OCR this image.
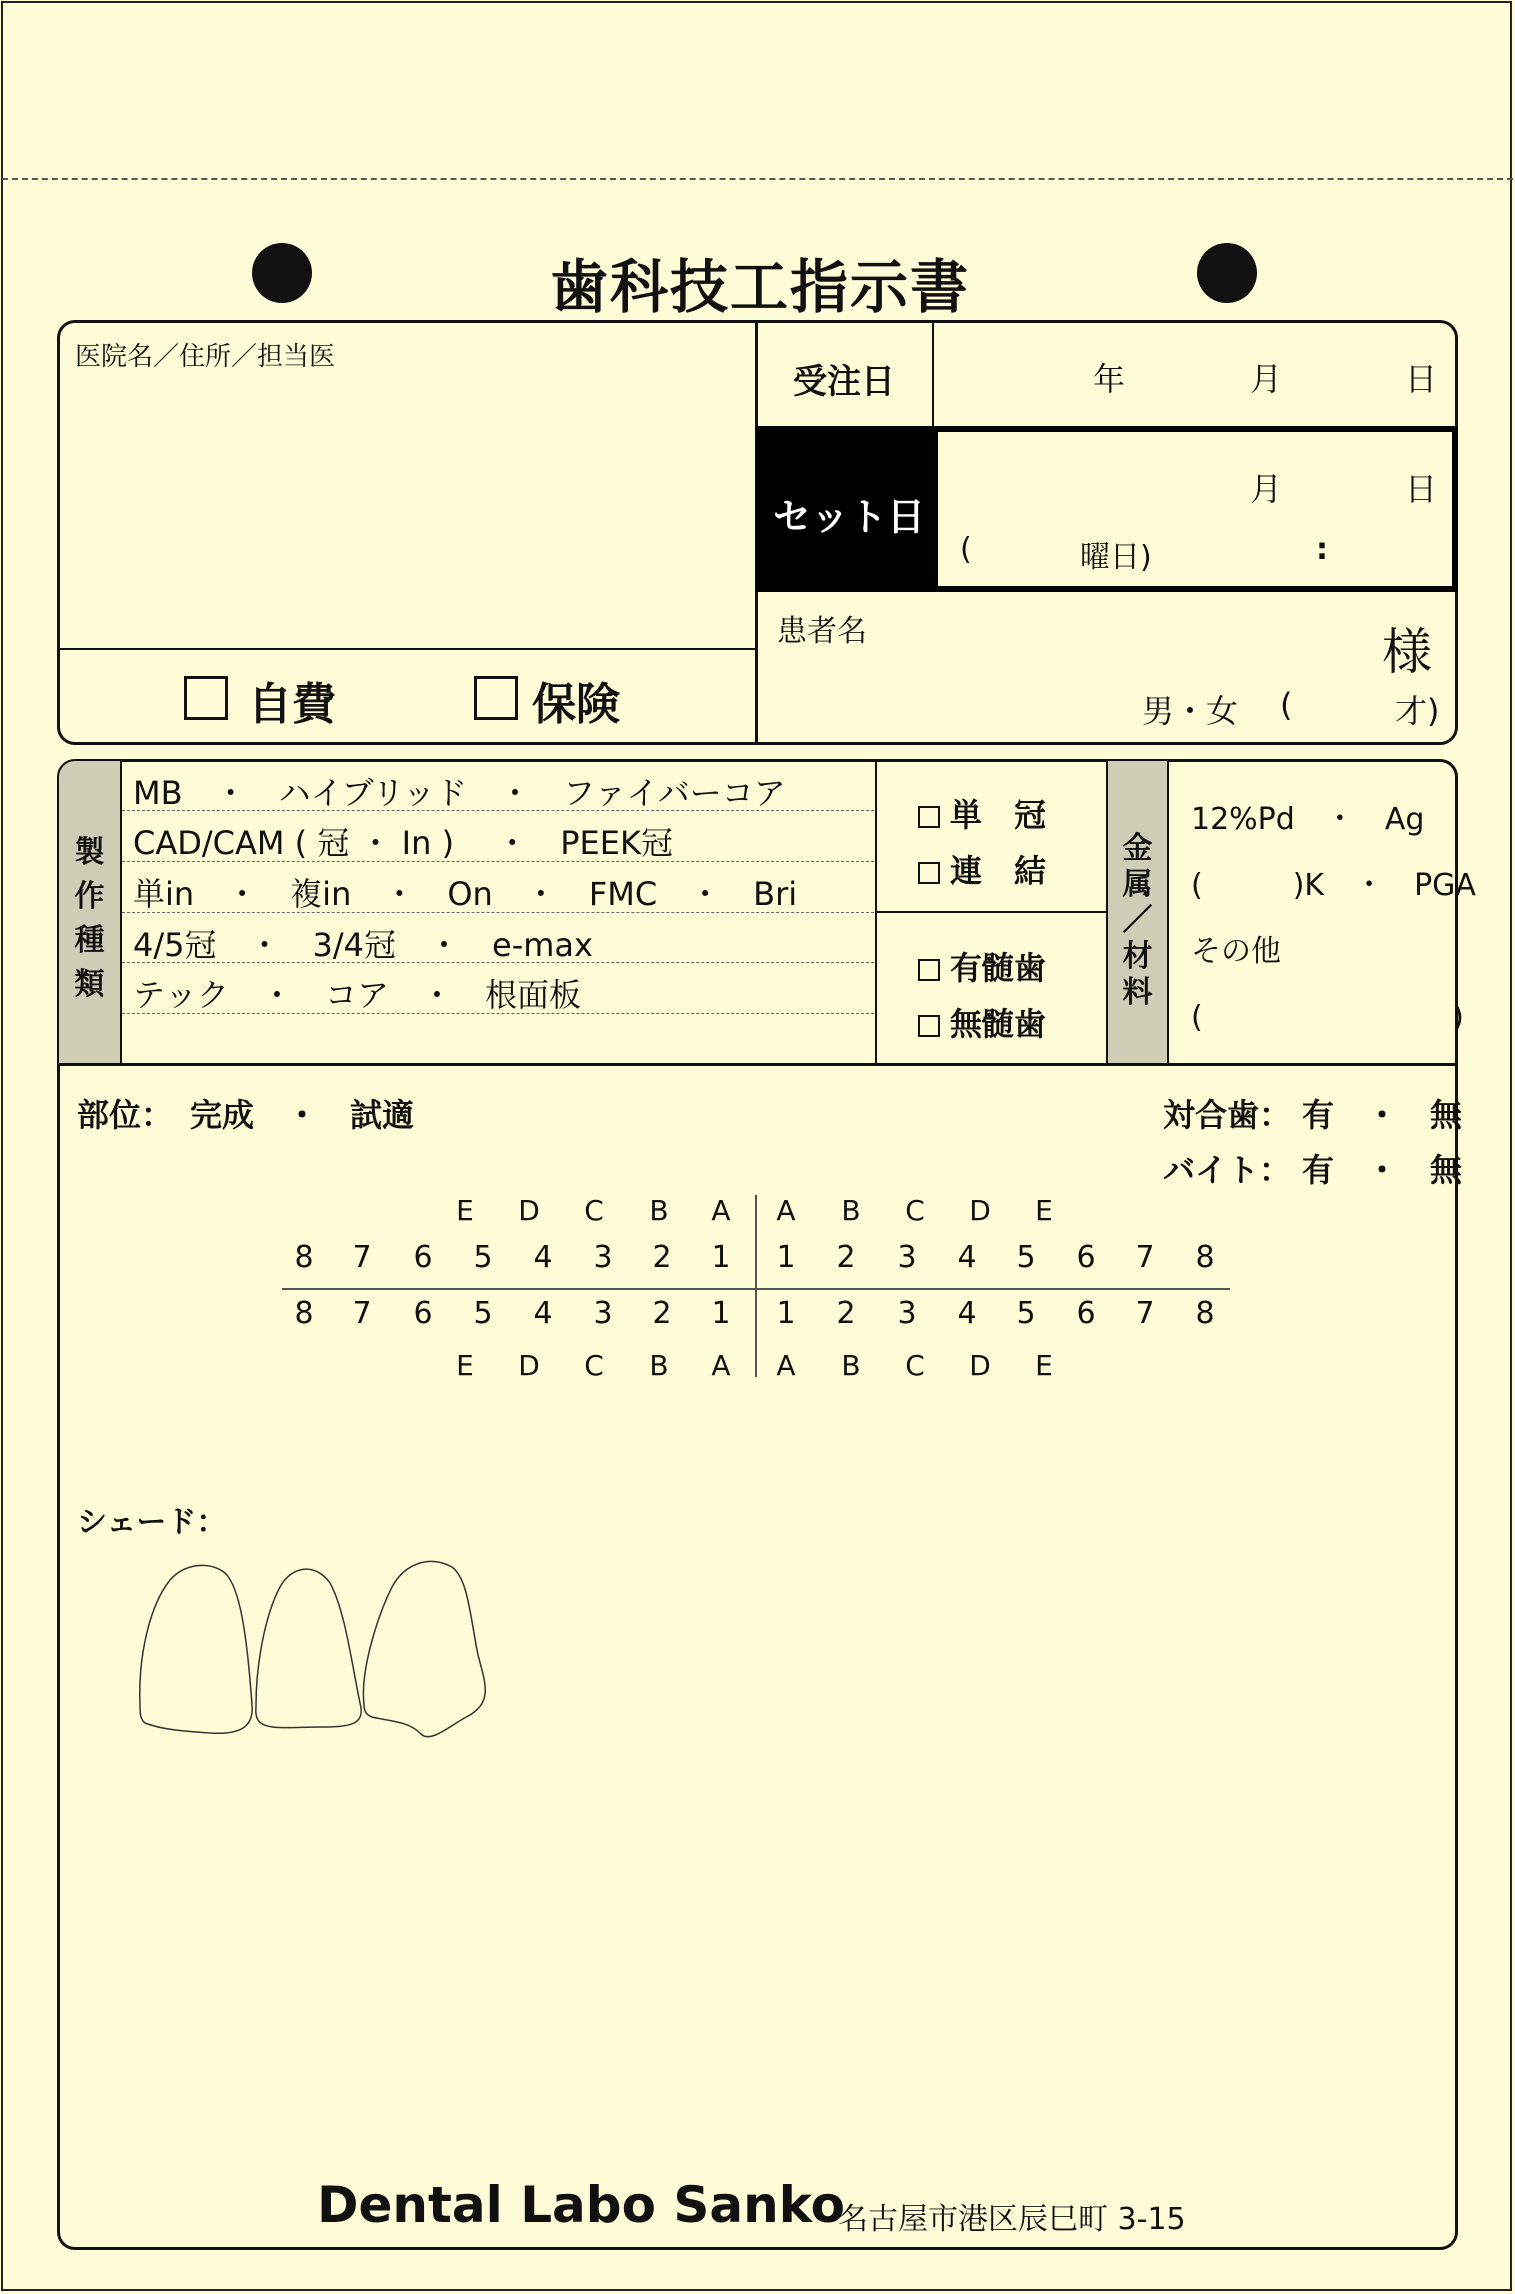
歯科技工指示書
医院名／住所／担当医
自費	保険
受注日	年	月	日
セット日
月	日
(	曜日)	:
患者名	様
男・女 (	才)
製
作
種
類
MB　・　ハイブリッド　・　ファイバーコア
CAD/CAM ( 冠 ・ In )　 ・　PEEK冠
単in　・　複in　・　On　・　FMC　・　Bri
4/5冠　・　3/4冠　・　e-max
テック　・　コア　・　根面板
単　冠
連　結
有髄歯
無髄歯
金
属
／
材
料
12%Pd　・　Ag
(　　　)K　・　PGA
その他
(　　　　　　　　 )
部位： 完成　・　試適	対合歯： 有　・　無
バイト： 有　・　無
E	D	C	B	A	A	B	C	D	E
8	7	6	5	4	3	2	1	1	2	3	4	5	6	7	8
8	7	6	5	4	3	2	1	1	2	3	4	5	6	7	8
E	D	C	B	A	A	B	C	D	E
シェード：
Dental Labo Sanko
名古屋市港区辰巳町 3-15
